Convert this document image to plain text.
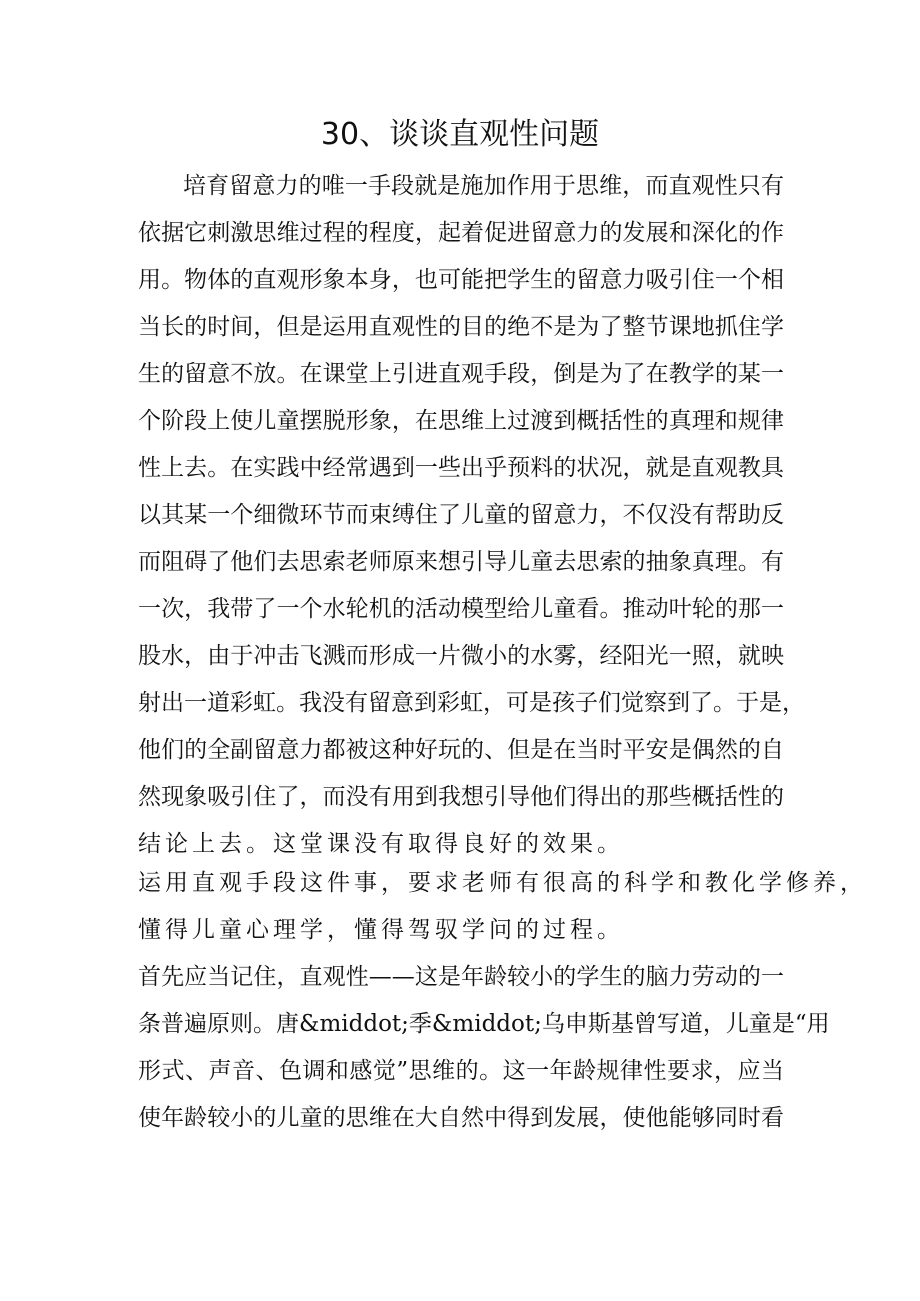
30、谈谈直观性问题
培育留意力的唯一手段就是施加作用于思维，而直观性只有
依据它刺激思维过程的程度，起着促进留意力的发展和深化的作
用。物体的直观形象本身，也可能把学生的留意力吸引住一个相
当长的时间，但是运用直观性的目的绝不是为了整节课地抓住学
生的留意不放。在课堂上引进直观手段，倒是为了在教学的某一
个阶段上使儿童摆脱形象，在思维上过渡到概括性的真理和规律
性上去。在实践中经常遇到一些出乎预料的状况，就是直观教具
以其某一个细微环节而束缚住了儿童的留意力，不仅没有帮助反
而阻碍了他们去思索老师原来想引导儿童去思索的抽象真理。有
一次，我带了一个水轮机的活动模型给儿童看。推动叶轮的那一
股水，由于冲击飞溅而形成一片微小的水雾，经阳光一照，就映
射出一道彩虹。我没有留意到彩虹，可是孩子们觉察到了。于是，
他们的全副留意力都被这种好玩的、但是在当时平安是偶然的自
然现象吸引住了，而没有用到我想引导他们得出的那些概括性的
结论上去。这堂课没有取得良好的效果。
运用直观手段这件事，要求老师有很高的科学和教化学修养，
懂得儿童心理学，懂得驾驭学问的过程。
首先应当记住，直观性——这是年龄较小的学生的脑力劳动的一
条普遍原则。唐&middot;季&middot;乌申斯基曾写道，儿童是“用
形式、声音、色调和感觉”思维的。这一年龄规律性要求，应当
使年龄较小的儿童的思维在大自然中得到发展，使他能够同时看
